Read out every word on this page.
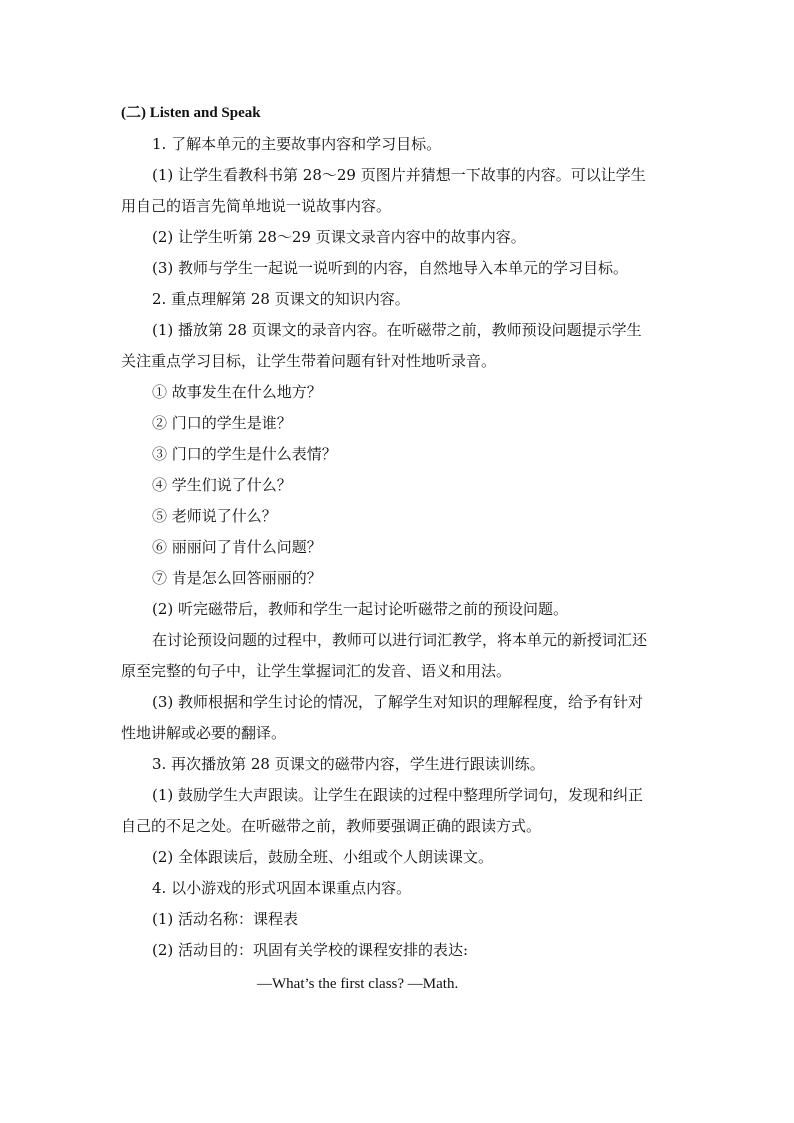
(二) Listen and Speak
1. 了解本单元的主要故事内容和学习目标。
(1) 让学生看教科书第 28～29 页图片并猜想一下故事的内容。可以让学生
用自己的语言先简单地说一说故事内容。
(2) 让学生听第 28～29 页课文录音内容中的故事内容。
(3) 教师与学生一起说一说听到的内容，自然地导入本单元的学习目标。
2. 重点理解第 28 页课文的知识内容。
(1) 播放第 28 页课文的录音内容。在听磁带之前，教师预设问题提示学生
关注重点学习目标，让学生带着问题有针对性地听录音。
① 故事发生在什么地方？
② 门口的学生是谁？
③ 门口的学生是什么表情？
④ 学生们说了什么？
⑤ 老师说了什么？
⑥ 丽丽问了肯什么问题？
⑦ 肯是怎么回答丽丽的？
(2) 听完磁带后，教师和学生一起讨论听磁带之前的预设问题。
在讨论预设问题的过程中，教师可以进行词汇教学，将本单元的新授词汇还
原至完整的句子中，让学生掌握词汇的发音、语义和用法。
(3) 教师根据和学生讨论的情况，了解学生对知识的理解程度，给予有针对
性地讲解或必要的翻译。
3. 再次播放第 28 页课文的磁带内容，学生进行跟读训练。
(1) 鼓励学生大声跟读。让学生在跟读的过程中整理所学词句，发现和纠正
自己的不足之处。在听磁带之前，教师要强调正确的跟读方式。
(2) 全体跟读后，鼓励全班、小组或个人朗读课文。
4. 以小游戏的形式巩固本课重点内容。
(1) 活动名称：课程表
(2) 活动目的：巩固有关学校的课程安排的表达:
—What’s the first class? —Math.
